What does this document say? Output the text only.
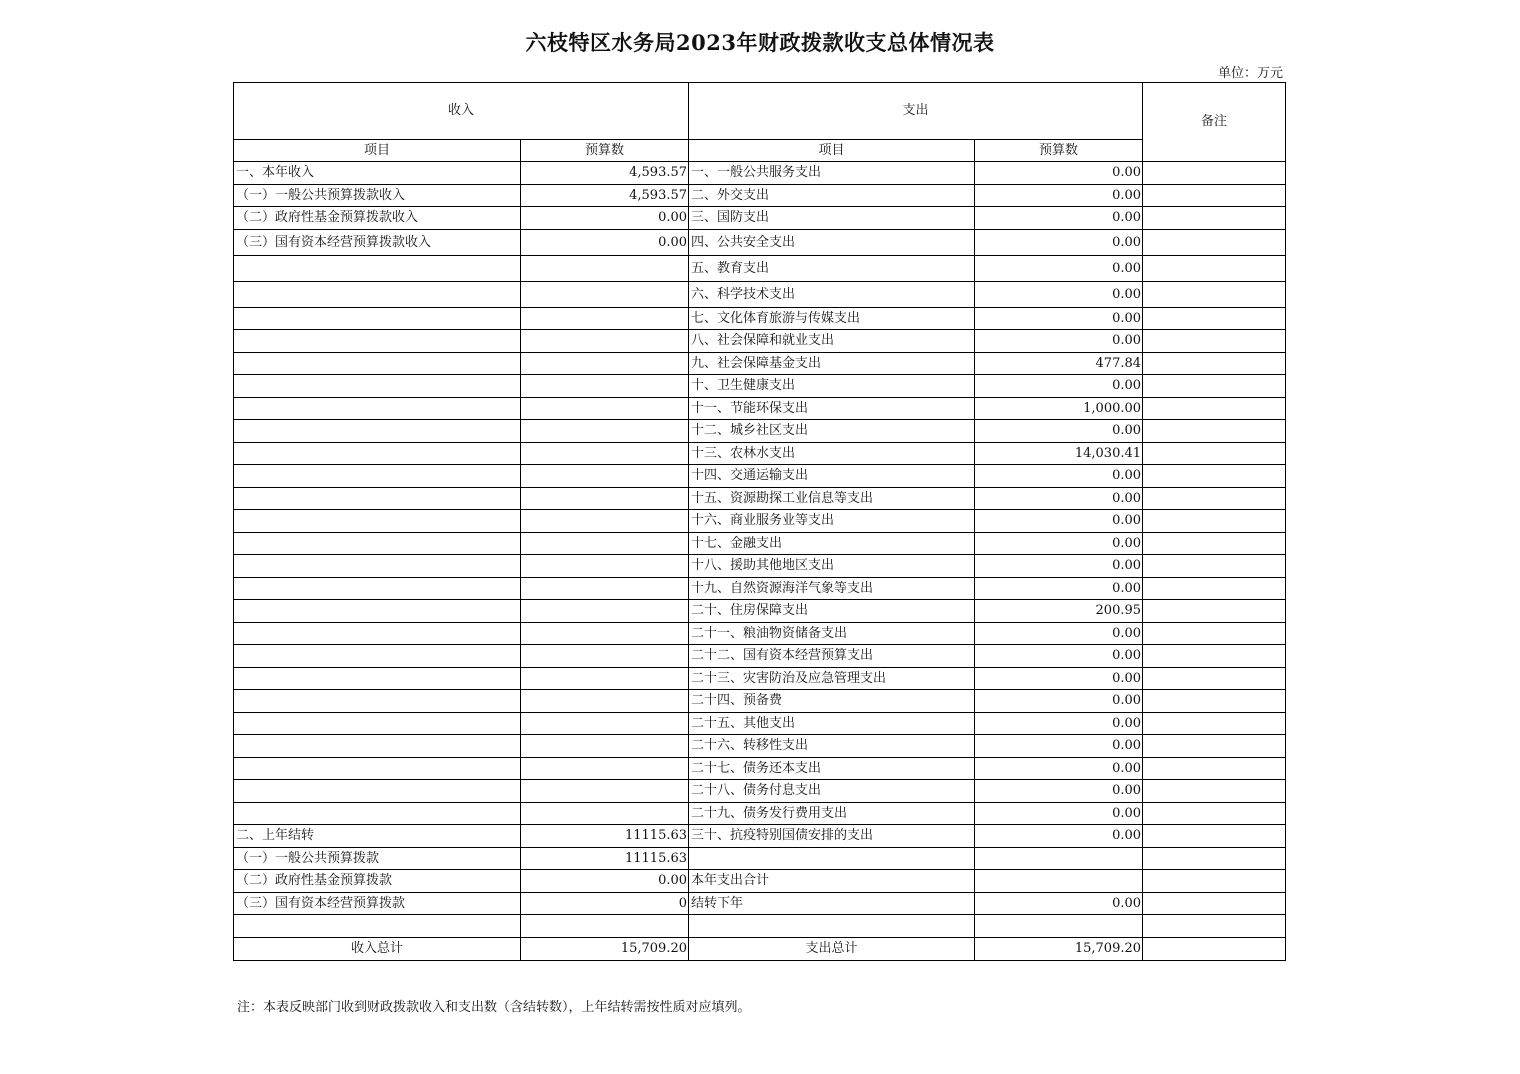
六枝特区水务局2023年财政拨款收支总体情况表
单位：万元
收入		支出		备注
项目	预算数	项目	预算数	
一、本年收入	4,593.57	一、一般公共服务支出	0.00	
（一）一般公共预算拨款收入	4,593.57	二、外交支出	0.00	
（二）政府性基金预算拨款收入	0.00	三、国防支出	0.00	
（三）国有资本经营预算拨款收入	0.00	四、公共安全支出	0.00	
		五、教育支出	0.00	
		六、科学技术支出	0.00	
		七、文化体育旅游与传媒支出	0.00	
		八、社会保障和就业支出	0.00	
		九、社会保障基金支出	477.84	
		十、卫生健康支出	0.00	
		十一、节能环保支出	1,000.00	
		十二、城乡社区支出	0.00	
		十三、农林水支出	14,030.41	
		十四、交通运输支出	0.00	
		十五、资源勘探工业信息等支出	0.00	
		十六、商业服务业等支出	0.00	
		十七、金融支出	0.00	
		十八、援助其他地区支出	0.00	
		十九、自然资源海洋气象等支出	0.00	
		二十、住房保障支出	200.95	
		二十一、粮油物资储备支出	0.00	
		二十二、国有资本经营预算支出	0.00	
		二十三、灾害防治及应急管理支出	0.00	
		二十四、预备费	0.00	
		二十五、其他支出	0.00	
		二十六、转移性支出	0.00	
		二十七、债务还本支出	0.00	
		二十八、债务付息支出	0.00	
		二十九、债务发行费用支出	0.00	
二、上年结转	11115.63	三十、抗疫特别国债安排的支出	0.00	
（一）一般公共预算拨款	11115.63			
（二）政府性基金预算拨款	0.00	本年支出合计		
（三）国有资本经营预算拨款	0	结转下年	0.00	

收入总计	15,709.20	支出总计	15,709.20	
注：本表反映部门收到财政拨款收入和支出数（含结转数），上年结转需按性质对应填列。
